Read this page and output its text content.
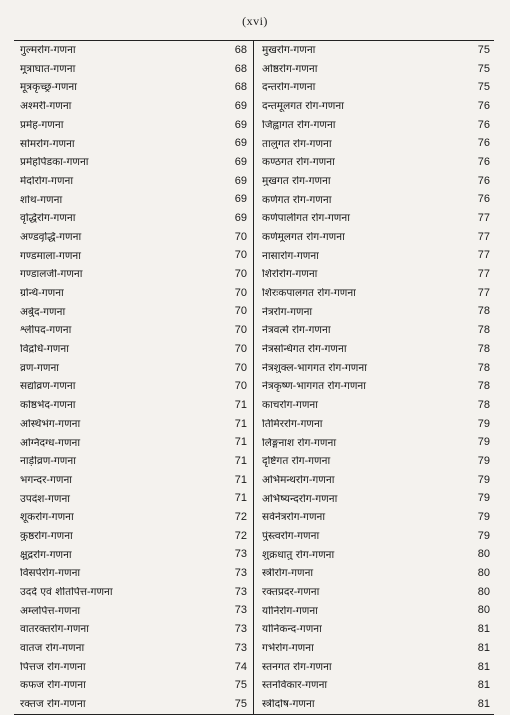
(xvi)
गुल्मरोग-गणना	68
मूत्राघात-गणना	68
मूत्रकृच्छ्र-गणना	68
अश्मरी-गणना	69
प्रमेह-गणना	69
सोमरोग-गणना	69
प्रमेहपिडका-गणना	69
मेदोरोग-गणना	69
शोथ-गणना	69
वृद्धिरोग-गणना	69
अण्डवृद्धि-गणना	70
गण्डमाला-गणना	70
गण्डालजी-गणना	70
ग्रन्थि-गणना	70
अर्बुद-गणना	70
श्लीपद-गणना	70
विद्रधि-गणना	70
व्रण-गणना	70
सद्योव्रण-गणना	70
कोष्ठभेद-गणना	71
अस्थिभंग-गणना	71
अग्निदग्ध-गणना	71
नाड़ीव्रण-गणना	71
भगन्दर-गणना	71
उपदंश-गणना	71
शूकरोग-गणना	72
कुष्ठरोग-गणना	72
क्षुद्ररोग-गणना	73
विसर्परोग-गणना	73
उदर्द एवं शीतपित्त-गणना	73
अम्लपित्त-गणना	73
वातरक्तरोग-गणना	73
वातज रोग-गणना	73
पित्तज रोग-गणना	74
कफज रोग-गणना	75
रक्तज रोग-गणना	75
मुखरोग-गणना	75
ओष्ठरोग-गणना	75
दन्तरोग-गणना	75
दन्तमूलगत रोग-गणना	76
जिह्वागत रोग-गणना	76
तालुगत रोग-गणना	76
कण्ठगत रोग-गणना	76
मुखगत रोग-गणना	76
कर्णगत रोग-गणना	76
कर्णपालीगत रोग-गणना	77
कर्णमूलगत रोग-गणना	77
नासारोग-गणना	77
शिरोरोग-गणना	77
शिरःकपालगत रोग-गणना	77
नेत्ररोग-गणना	78
नेत्रवर्त्म रोग-गणना	78
नेत्रसन्धिगत रोग-गणना	78
नेत्रशुक्ल-भागगत रोग-गणना	78
नेत्रकृष्ण-भागगत रोग-गणना	78
काचरोग-गणना	78
तिमिररोग-गणना	79
लिङ्गनाश रोग-गणना	79
दृष्टिगत रोग-गणना	79
अभिमन्थरोग-गणना	79
अभिष्यन्दरोग-गणना	79
सर्वनेत्ररोग-गणना	79
पुंस्त्वरोग-गणना	79
शुक्रधातु रोग-गणना	80
स्त्रीरोग-गणना	80
रक्तप्रदर-गणना	80
योनिरोग-गणना	80
योनिकन्द-गणना	81
गर्भरोग-गणना	81
स्तनगत रोग-गणना	81
स्तनविकार-गणना	81
स्त्रीदोष-गणना	81
